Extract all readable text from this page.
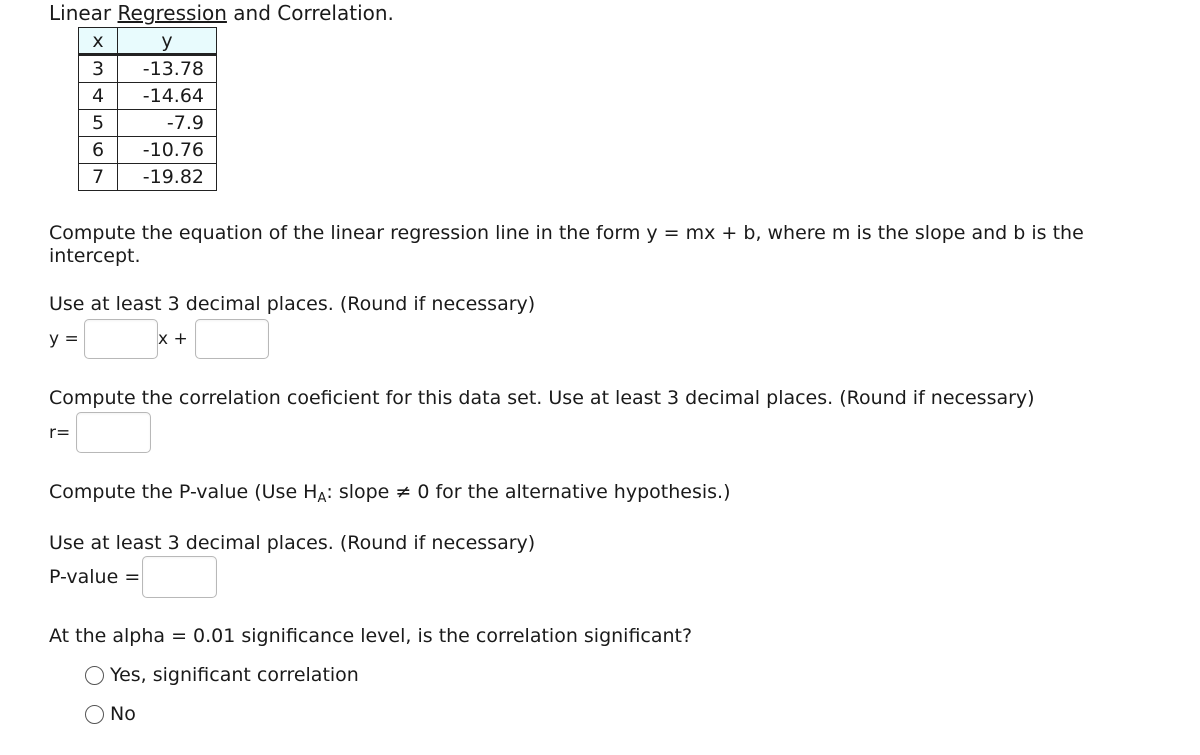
Linear Regression and Correlation.
x	y
3	-13.78
4	-14.64
5	-7.9
6	-10.76
7	-19.82
Compute the equation of the linear regression line in the form y = mx + b, where m is the slope and b is the
intercept.
Use at least 3 decimal places. (Round if necessary)
y =	x +
Compute the correlation coeficient for this data set. Use at least 3 decimal places. (Round if necessary)
r=
Compute the P-value (Use $H_A$: slope ≠ 0 for the alternative hypothesis.)
Use at least 3 decimal places. (Round if necessary)
P-value =
At the alpha = 0.01 significance level, is the correlation significant?
Yes, significant correlation
No
